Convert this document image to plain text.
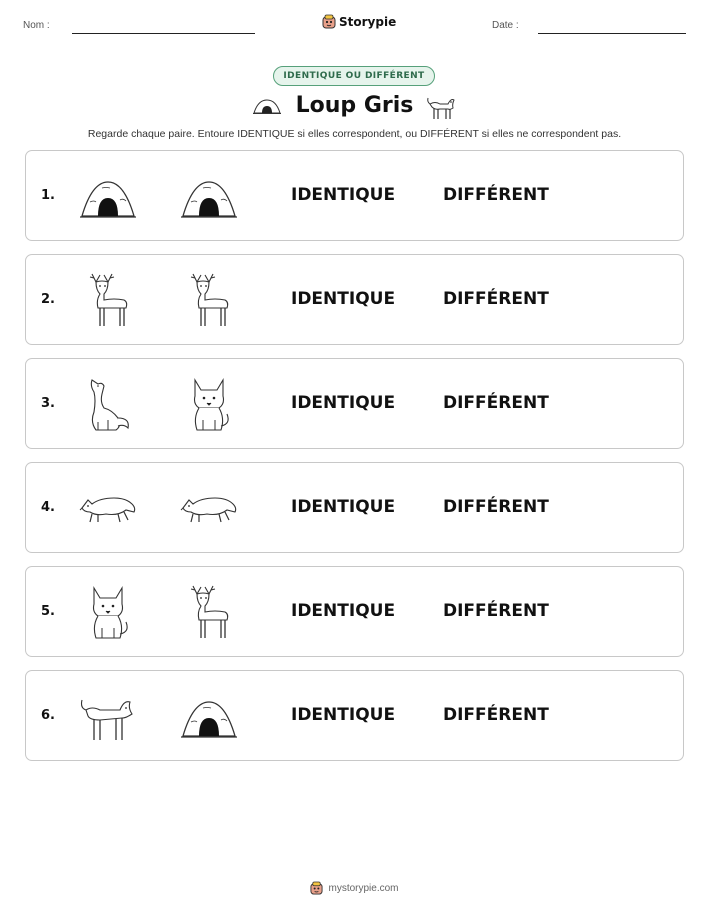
Nom :	Storypie	Date :
IDENTIQUE OU DIFFÉRENT
Loup Gris
Regarde chaque paire. Entoure IDENTIQUE si elles correspondent, ou DIFFÉRENT si elles ne correspondent pas.
1.	IDENTIQUE	DIFFÉRENT
2.	IDENTIQUE	DIFFÉRENT
3.	IDENTIQUE	DIFFÉRENT
4.	IDENTIQUE	DIFFÉRENT
5.	IDENTIQUE	DIFFÉRENT
6.	IDENTIQUE	DIFFÉRENT
mystorypie.com
